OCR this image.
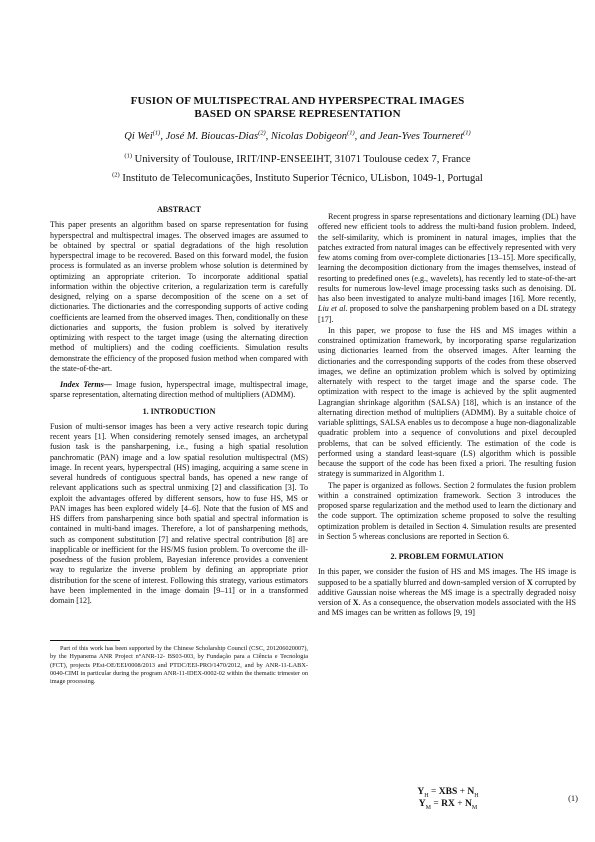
FUSION OF MULTISPECTRAL AND HYPERSPECTRAL IMAGES
BASED ON SPARSE REPRESENTATION
Qi Wei$^{(1)}$, José M. Bioucas-Dias$^{(2)}$, Nicolas Dobigeon$^{(1)}$, and Jean-Yves Tourneret$^{(1)}$
$^{(1)}$ University of Toulouse, IRIT/INP-ENSEEIHT, 31071 Toulouse cedex 7, France
$^{(2)}$ Instituto de Telecomunicações, Instituto Superior Técnico, ULisbon, 1049-1, Portugal

ABSTRACT

This paper presents an algorithm based on sparse representation for fusing hyperspectral and multispectral images. The observed images are assumed to be obtained by spectral or spatial degradations of the high resolution hyperspectral image to be recovered. Based on this forward model, the fusion process is formulated as an inverse problem whose solution is determined by optimizing an appropriate criterion. To incorporate additional spatial information within the objective criterion, a regularization term is carefully designed, relying on a sparse decomposition of the scene on a set of dictionaries. The dictionaries and the corresponding supports of active coding coefficients are learned from the observed images. Then, conditionally on these dictionaries and supports, the fusion problem is solved by iteratively optimizing with respect to the target image (using the alternating direction method of multipliers) and the coding coefficients. Simulation results demonstrate the efficiency of the proposed fusion method when compared with the state-of-the-art.

Index Terms— Image fusion, hyperspectral image, multispectral image, sparse representation, alternating direction method of multipliers (ADMM).

1. INTRODUCTION

Fusion of multi-sensor images has been a very active research topic during recent years [1]. When considering remotely sensed images, an archetypal fusion task is the pansharpening, i.e., fusing a high spatial resolution panchromatic (PAN) image and a low spatial resolution multispectral (MS) image. In recent years, hyperspectral (HS) imaging, acquiring a same scene in several hundreds of contiguous spectral bands, has opened a new range of relevant applications such as spectral unmixing [2] and classification [3]. To exploit the advantages offered by different sensors, how to fuse HS, MS or PAN images has been explored widely [4–6]. Note that the fusion of MS and HS differs from pansharpening since both spatial and spectral information is contained in multi-band images. Therefore, a lot of pansharpening methods, such as component substitution [7] and relative spectral contribution [8] are inapplicable or inefficient for the HS/MS fusion problem. To overcome the ill-posedness of the fusion problem, Bayesian inference provides a convenient way to regularize the inverse problem by defining an appropriate prior distribution for the scene of interest. Following this strategy, various estimators have been implemented in the image domain [9–11] or in a transformed domain [12].

Part of this work has been supported by the Chinese Scholarship Council (CSC, 201206020007), by the Hypanema ANR Project n°ANR-12- BS03-003, by Fundação para a Ciência e Tecnologia (FCT), projects PEst-OE/EEI/0008/2013 and PTDC/EEI-PRO/1470/2012, and by ANR-11-LABX-0040-CIMI in particular during the program ANR-11-IDEX-0002-02 within the thematic trimester on image processing.

Recent progress in sparse representations and dictionary learning (DL) have offered new efficient tools to address the multi-band fusion problem. Indeed, the self-similarity, which is prominent in natural images, implies that the patches extracted from natural images can be effectively represented with very few atoms coming from over-complete dictionaries [13–15]. More specifically, learning the decomposition dictionary from the images themselves, instead of resorting to predefined ones (e.g., wavelets), has recently led to state-of-the-art results for numerous low-level image processing tasks such as denoising. DL has also been investigated to analyze multi-band images [16]. More recently, Liu et al. proposed to solve the pansharpening problem based on a DL strategy [17].

In this paper, we propose to fuse the HS and MS images within a constrained optimization framework, by incorporating sparse regularization using dictionaries learned from the observed images. After learning the dictionaries and the corresponding supports of the codes from these observed images, we define an optimization problem which is solved by optimizing alternately with respect to the target image and the sparse code. The optimization with respect to the image is achieved by the split augmented Lagrangian shrinkage algorithm (SALSA) [18], which is an instance of the alternating direction method of multipliers (ADMM). By a suitable choice of variable splittings, SALSA enables us to decompose a huge non-diagonalizable quadratic problem into a sequence of convolutions and pixel decoupled problems, that can be solved efficiently. The estimation of the code is performed using a standard least-square (LS) algorithm which is possible because the support of the code has been fixed a priori. The resulting fusion strategy is summarized in Algorithm 1.

The paper is organized as follows. Section 2 formulates the fusion problem within a constrained optimization framework. Section 3 introduces the proposed sparse regularization and the method used to learn the dictionary and the code support. The optimization scheme proposed to solve the resulting optimization problem is detailed in Section 4. Simulation results are presented in Section 5 whereas conclusions are reported in Section 6.

2. PROBLEM FORMULATION

In this paper, we consider the fusion of HS and MS images. The HS image is supposed to be a spatially blurred and down-sampled version of X corrupted by additive Gaussian noise whereas the MS image is a spectrally degraded noisy version of X. As a consequence, the observation models associated with the HS and MS images can be written as follows [9, 19]

$Y_H$ = XBS + $N_H$
$Y_M$ = RX + $N_M$
(1)
